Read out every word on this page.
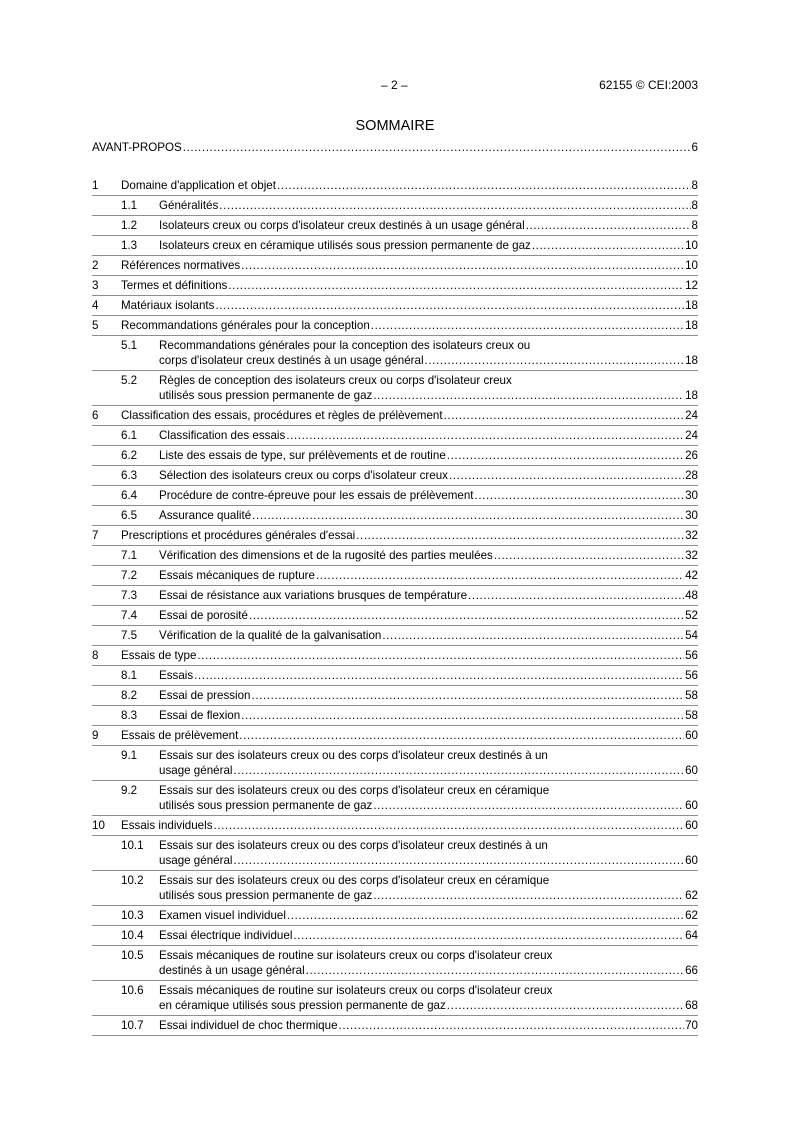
– 2 –	62155 © CEI:2003
SOMMAIRE
AVANT-PROPOS .....	6
1 Domaine d'application et objet .....	8
1.1 Généralités .....	8
1.2 Isolateurs creux ou corps d'isolateur creux destinés à un usage général .....	8
1.3 Isolateurs creux en céramique utilisés sous pression permanente de gaz .....	10
2 Références normatives .....	10
3 Termes et définitions .....	12
4 Matériaux isolants .....	18
5 Recommandations générales pour la conception .....	18
5.1 Recommandations générales pour la conception des isolateurs creux ou
corps d'isolateur creux destinés à un usage général .....	18
5.2 Règles de conception des isolateurs creux ou corps d'isolateur creux
utilisés sous pression permanente de gaz .....	18
6 Classification des essais, procédures et règles de prélèvement .....	24
6.1 Classification des essais .....	24
6.2 Liste des essais de type, sur prélèvements et de routine .....	26
6.3 Sélection des isolateurs creux ou corps d'isolateur creux .....	28
6.4 Procédure de contre-épreuve pour les essais de prélèvement .....	30
6.5 Assurance qualité .....	30
7 Prescriptions et procédures générales d'essai .....	32
7.1 Vérification des dimensions et de la rugosité des parties meulées .....	32
7.2 Essais mécaniques de rupture .....	42
7.3 Essai de résistance aux variations brusques de température .....	48
7.4 Essai de porosité .....	52
7.5 Vérification de la qualité de la galvanisation .....	54
8 Essais de type .....	56
8.1 Essais .....	56
8.2 Essai de pression .....	58
8.3 Essai de flexion .....	58
9 Essais de prélèvement .....	60
9.1 Essais sur des isolateurs creux ou des corps d'isolateur creux destinés à un
usage général .....	60
9.2 Essais sur des isolateurs creux ou des corps d'isolateur creux en céramique
utilisés sous pression permanente de gaz .....	60
10 Essais individuels .....	60
10.1 Essais sur des isolateurs creux ou des corps d'isolateur creux destinés à un
usage général .....	60
10.2 Essais sur des isolateurs creux ou des corps d'isolateur creux en céramique
utilisés sous pression permanente de gaz .....	62
10.3 Examen visuel individuel .....	62
10.4 Essai électrique individuel .....	64
10.5 Essais mécaniques de routine sur isolateurs creux ou corps d'isolateur creux
destinés à un usage général .....	66
10.6 Essais mécaniques de routine sur isolateurs creux ou corps d'isolateur creux
en céramique utilisés sous pression permanente de gaz .....	68
10.7 Essai individuel de choc thermique .....	70
